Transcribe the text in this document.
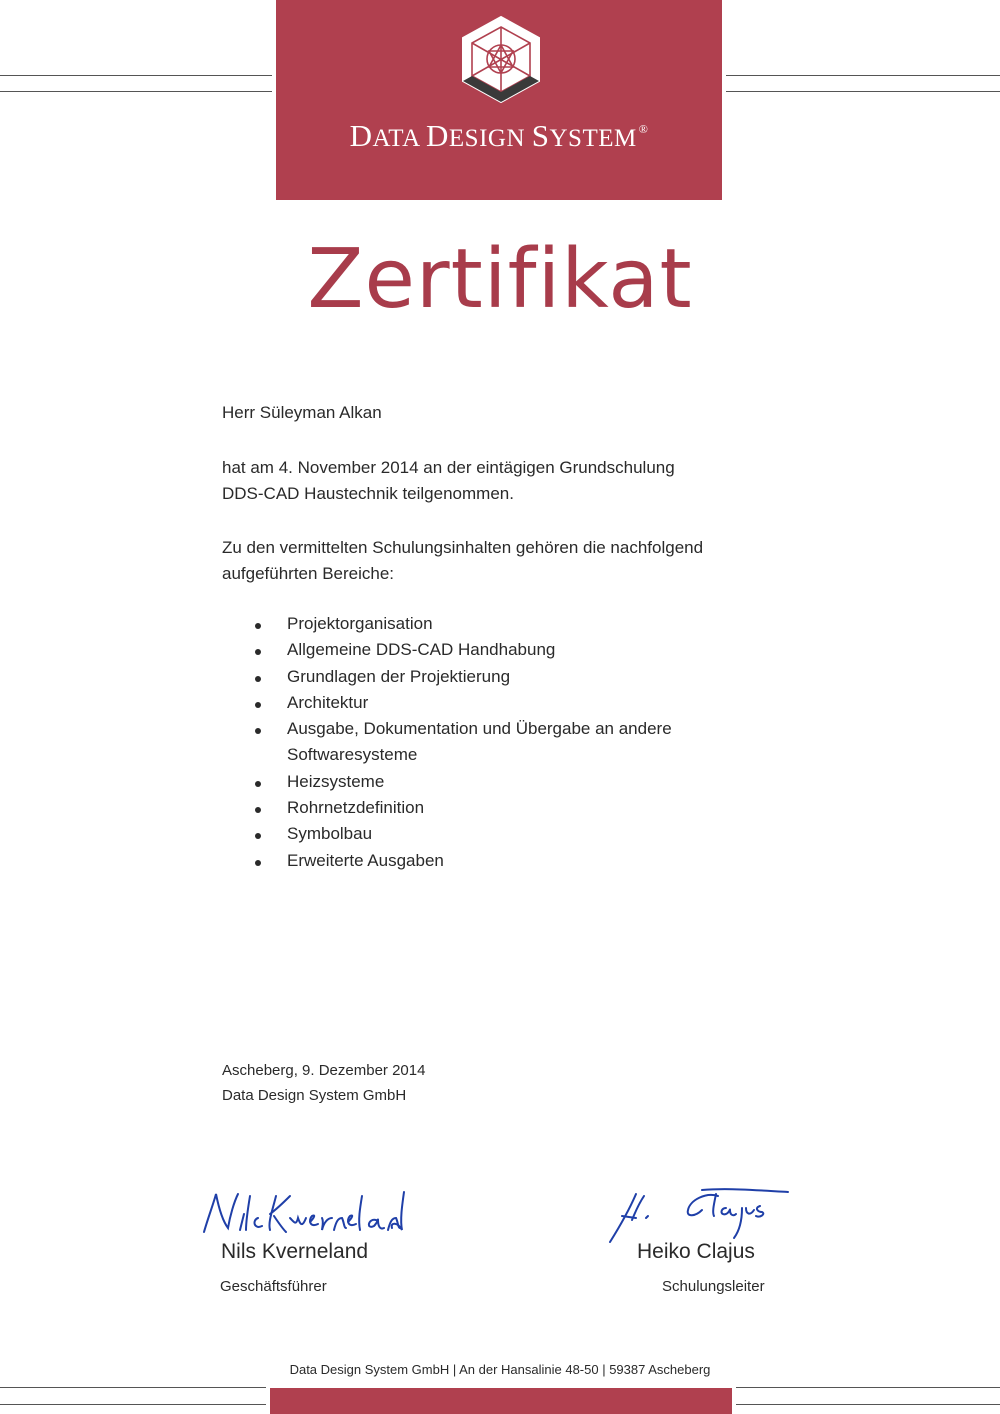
DATA DESIGN SYSTEM ®
Zertifikat
Herr Süleyman Alkan
hat am 4. November 2014 an der eintägigen Grundschulung
DDS-CAD Haustechnik teilgenommen.
Zu den vermittelten Schulungsinhalten gehören die nachfolgend
aufgeführten Bereiche:
Projektorganisation
Allgemeine DDS-CAD Handhabung
Grundlagen der Projektierung
Architektur
Ausgabe, Dokumentation und Übergabe an andere Softwaresysteme
Heizsysteme
Rohrnetzdefinition
Symbolbau
Erweiterte Ausgaben
Ascheberg, 9. Dezember 2014
Data Design System GmbH
Nils Kverneland
Geschäftsführer
Heiko Clajus
Schulungsleiter
Data Design System GmbH | An der Hansalinie 48-50 | 59387 Ascheberg
